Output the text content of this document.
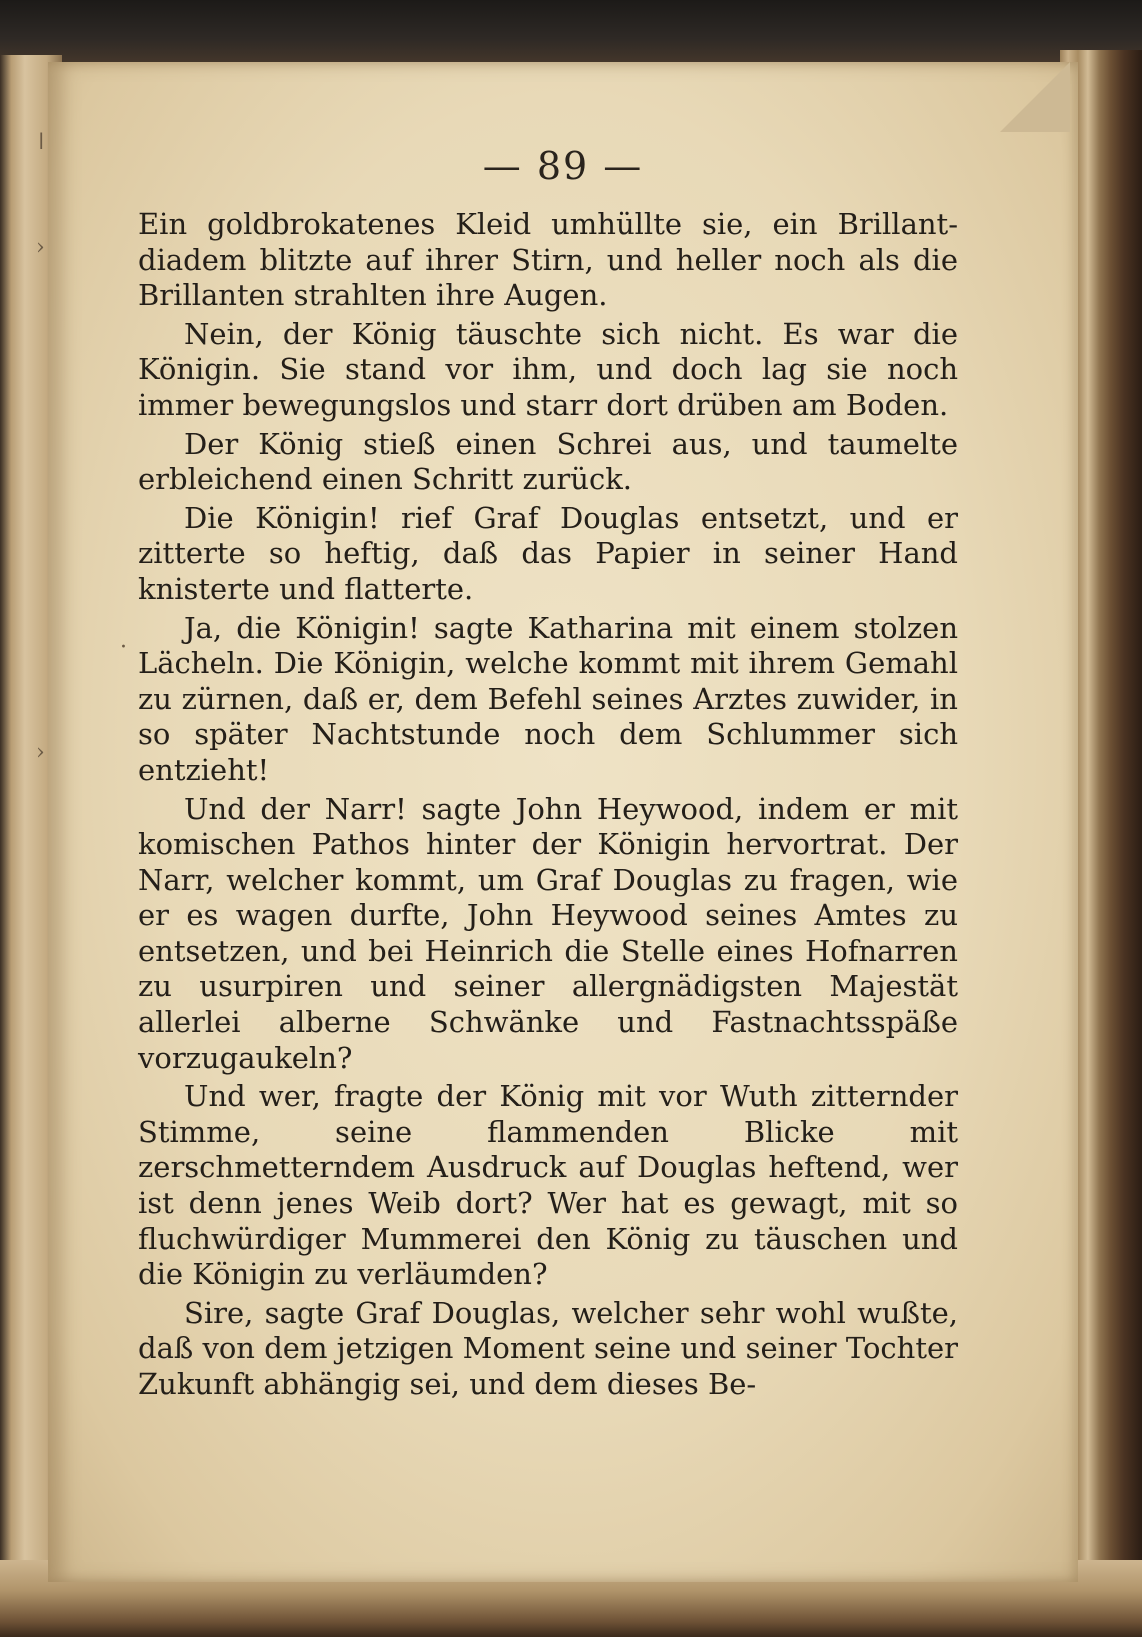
ǀ
›
›
·
— 89 —

Ein goldbrokatenes Kleid umhüllte sie, ein Brillant-diadem blitzte auf ihrer Stirn, und heller noch als die Brillanten strahlten ihre Augen.

Nein, der König täuschte sich nicht. Es war die Königin. Sie stand vor ihm, und doch lag sie noch immer bewegungslos und starr dort drüben am Boden.

Der König stieß einen Schrei aus, und taumelte erbleichend einen Schritt zurück.

Die Königin! rief Graf Douglas entsetzt, und er zitterte so heftig, daß das Papier in seiner Hand knisterte und flatterte.

Ja, die Königin! sagte Katharina mit einem stolzen Lächeln. Die Königin, welche kommt mit ihrem Gemahl zu zürnen, daß er, dem Befehl seines Arztes zuwider, in so später Nachtstunde noch dem Schlummer sich entzieht!

Und der Narr! sagte John Heywood, indem er mit komischen Pathos hinter der Königin hervortrat. Der Narr, welcher kommt, um Graf Douglas zu fragen, wie er es wagen durfte, John Heywood seines Amtes zu entsetzen, und bei Heinrich die Stelle eines Hofnarren zu usurpiren und seiner allergnädigsten Majestät allerlei alberne Schwänke und Fastnachtsspäße vorzugaukeln?

Und wer, fragte der König mit vor Wuth zitternder Stimme, seine flammenden Blicke mit zerschmetterndem Ausdruck auf Douglas heftend, wer ist denn jenes Weib dort? Wer hat es gewagt, mit so fluchwürdiger Mummerei den König zu täuschen und die Königin zu verläumden?

Sire, sagte Graf Douglas, welcher sehr wohl wußte, daß von dem jetzigen Moment seine und seiner Tochter Zukunft abhängig sei, und dem dieses Be-
